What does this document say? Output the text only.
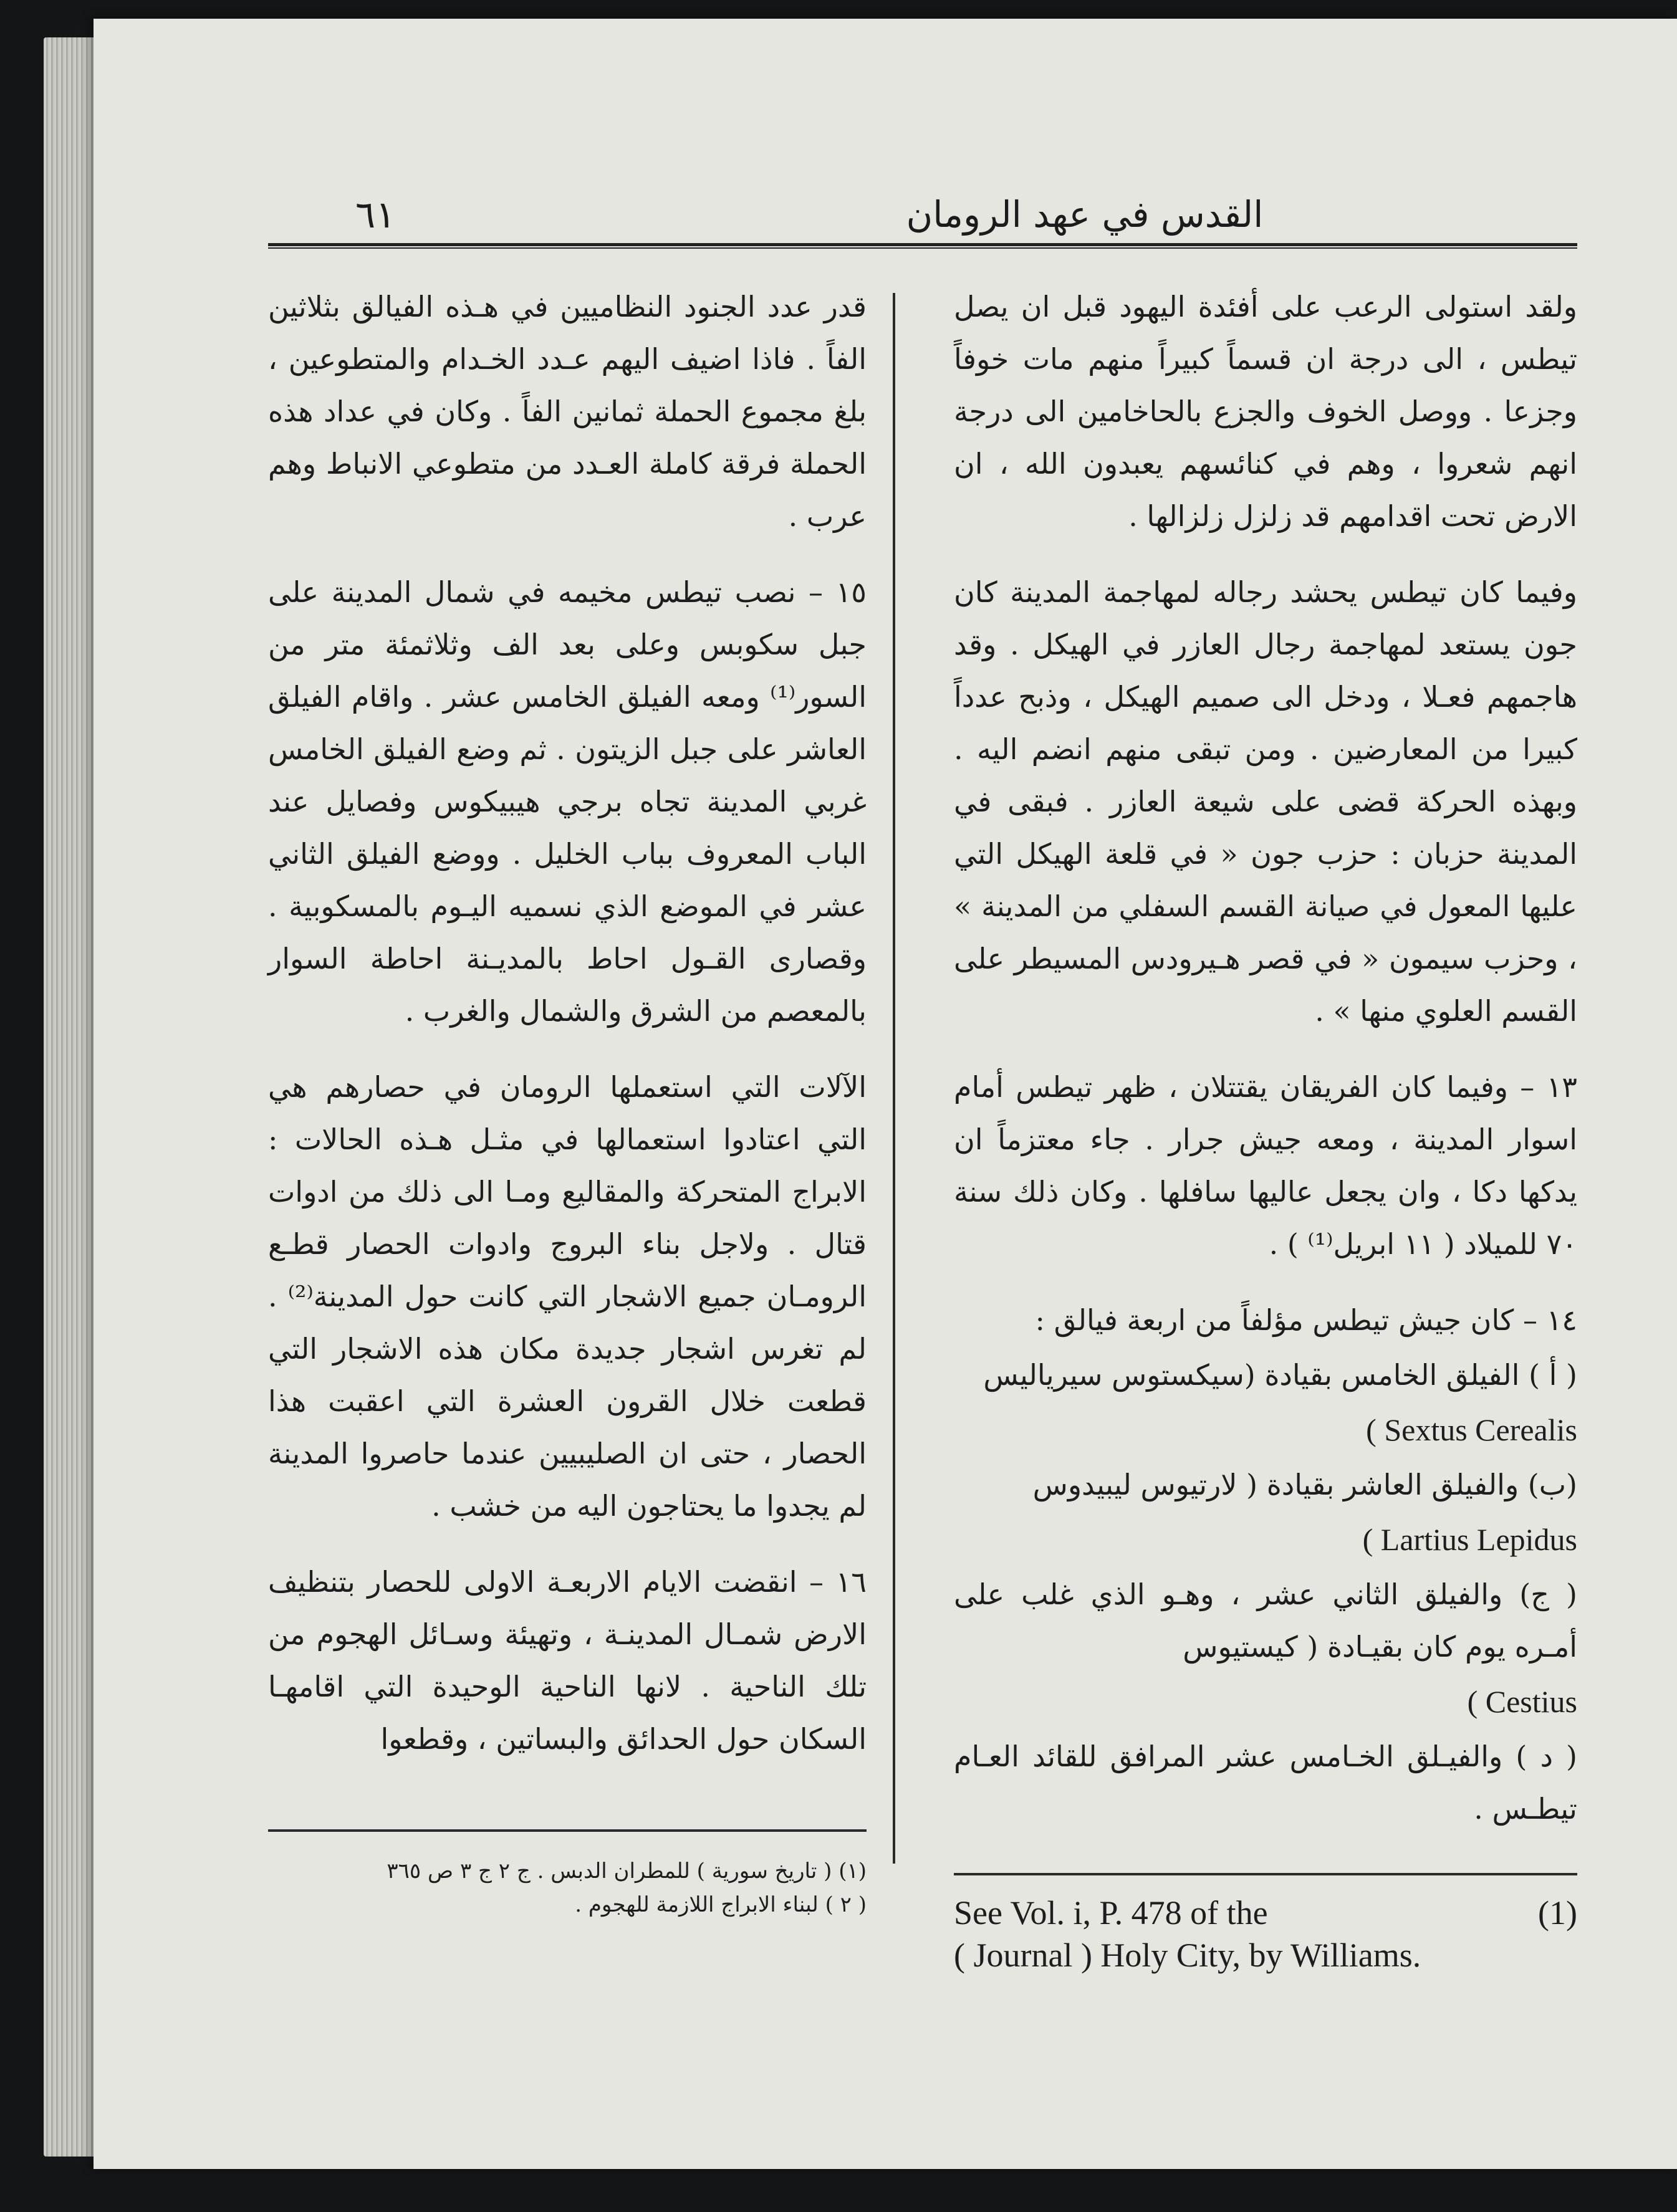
٦١	القدس في عهد الرومان

ولقد استولى الرعب على أفئدة اليهود قبل ان يصل تيطس ، الى درجة ان قسماً كبيراً منهم مات خوفاً وجزعا . ووصل الخوف والجزع بالحاخامين الى درجة انهم شعروا ، وهم في كنائسهم يعبدون الله ، ان الارض تحت اقدامهم قد زلزل زلزالها .

وفيما كان تيطس يحشد رجاله لمهاجمة المدينة كان جون يستعد لمهاجمة رجال العازر في الهيكل . وقد هاجمهم فعـلا ، ودخل الى صميم الهيكل ، وذبح عدداً كبيرا من المعارضين . ومن تبقى منهم انضم اليه . وبهذه الحركة قضى على شيعة العازر . فبقى في المدينة حزبان : حزب جون « في قلعة الهيكل التي عليها المعول في صيانة القسم السفلي من المدينة » ، وحزب سيمون « في قصر هـيرودس المسيطر على القسم العلوي منها » .

١٣ – وفيما كان الفريقان يقتتلان ، ظهر تيطس أمام اسوار المدينة ، ومعه جيش جرار . جاء معتزماً ان يدكها دكا ، وان يجعل عاليها سافلها . وكان ذلك سنة ٧٠ للميلاد ( ١١ ابريل⁽¹⁾ ) .

١٤ – كان جيش تيطس مؤلفاً من اربعة فيالق :

( أ ) الفيلق الخامس بقيادة (سيكستوس سيرياليس

( Sextus Cerealis

(ب) والفيلق العاشر بقيادة ( لارتيوس ليبيدوس

( Lartius Lepidus

( ج) والفيلق الثاني عشر ، وهـو الذي غلب على أمـره يوم كان بقيـادة ( كيستيوس

( Cestius

( د ) والفيـلق الخـامس عشر المرافق للقائد العـام تيطـس .

قدر عدد الجنود النظاميين في هـذه الفيالق بثلاثين الفاً . فاذا اضيف اليهم عـدد الخـدام والمتطوعين ، بلغ مجموع الحملة ثمانين الفاً . وكان في عداد هذه الحملة فرقة كاملة العـدد من متطوعي الانباط وهم عرب .

١٥ – نصب تيطس مخيمه في شمال المدينة على جبل سكوبس وعلى بعد الف وثلاثمئة متر من السور⁽¹⁾ ومعه الفيلق الخامس عشر . واقام الفيلق العاشر على جبل الزيتون . ثم وضع الفيلق الخامس غربي المدينة تجاه برجي هيبيكوس وفصايل عند الباب المعروف بباب الخليل . ووضع الفيلق الثاني عشر في الموضع الذي نسميه اليـوم بالمسكوبية . وقصارى القـول احاط بالمديـنة احاطة السوار بالمعصم من الشرق والشمال والغرب .

الآلات التي استعملها الرومان في حصارهم هي التي اعتادوا استعمالها في مثـل هـذه الحالات : الابراج المتحركة والمقاليع ومـا الى ذلك من ادوات قتال . ولاجل بناء البروج وادوات الحصار قطـع الرومـان جميع الاشجار التي كانت حول المدينة⁽²⁾ . لم تغرس اشجار جديدة مكان هذه الاشجار التي قطعت خلال القرون العشرة التي اعقبت هذا الحصار ، حتى ان الصليبيين عندما حاصروا المدينة لم يجدوا ما يحتاجون اليه من خشب .

١٦ – انقضت الايام الاربعـة الاولى للحصار بتنظيف الارض شمـال المدينـة ، وتهيئة وسـائل الهجوم من تلك الناحية . لانها الناحية الوحيدة التي اقامهـا السكان حول الحدائق والبساتين ، وقطعوا

(١) ( تاريخ سورية ) للمطران الدبس . ج ٢ ج ٣ ص ٣٦٥
( ٢ ) لبناء الابراج اللازمة للهجوم .	See Vol. i, P. 478 of the	(1)
( Journal ) Holy City, by Williams.
